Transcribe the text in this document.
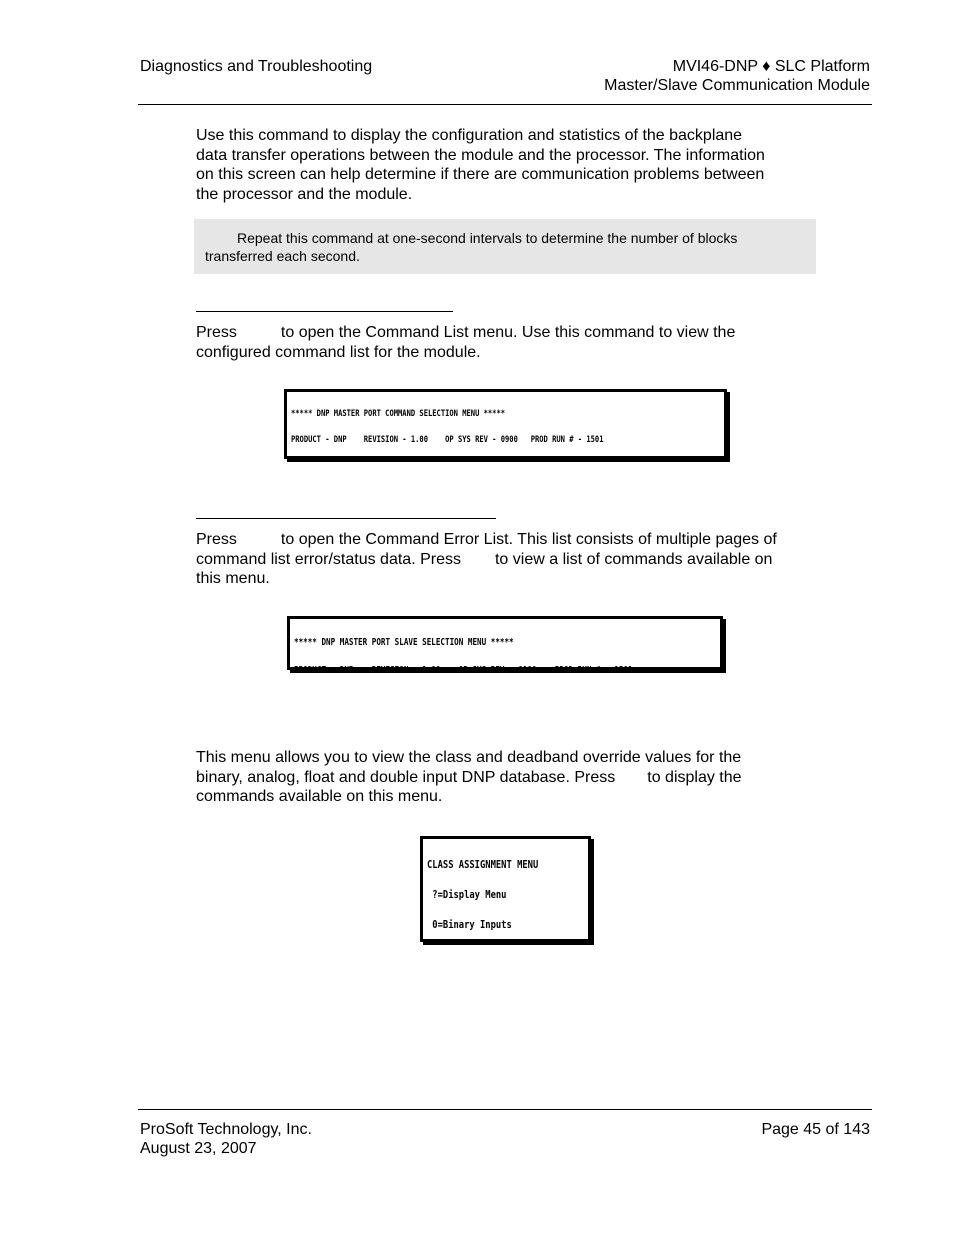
Diagnostics and Troubleshooting	MVI46-DNP ♦ SLC Platform
Master/Slave Communication Module
Use this command to display the configuration and statistics of the backplane
data transfer operations between the module and the processor. The information
on this screen can help determine if there are communication problems between
the processor and the module.
Repeat this command at one-second intervals to determine the number of blocks
transferred each second.
Press	to open the Command List menu. Use this command to view the
configured command list for the module.

***** DNP MASTER PORT COMMAND SELECTION MENU *****

PRODUCT - DNP    REVISION - 1.00    OP SYS REV - 0900   PROD RUN # - 1501

Press	to open the Command Error List. This list consists of multiple pages of
command list error/status data. Press to view a list of commands available on
this menu.

***** DNP MASTER PORT SLAVE SELECTION MENU *****

This menu allows you to view the class and deadband override values for the
binary, analog, float and double input DNP database. Press to display the
commands available on this menu.

CLASS ASSIGNMENT MENU

?=Display Menu

0=Binary Inputs

ProSoft Technology, Inc.
August 23, 2007
Page 45 of 143
